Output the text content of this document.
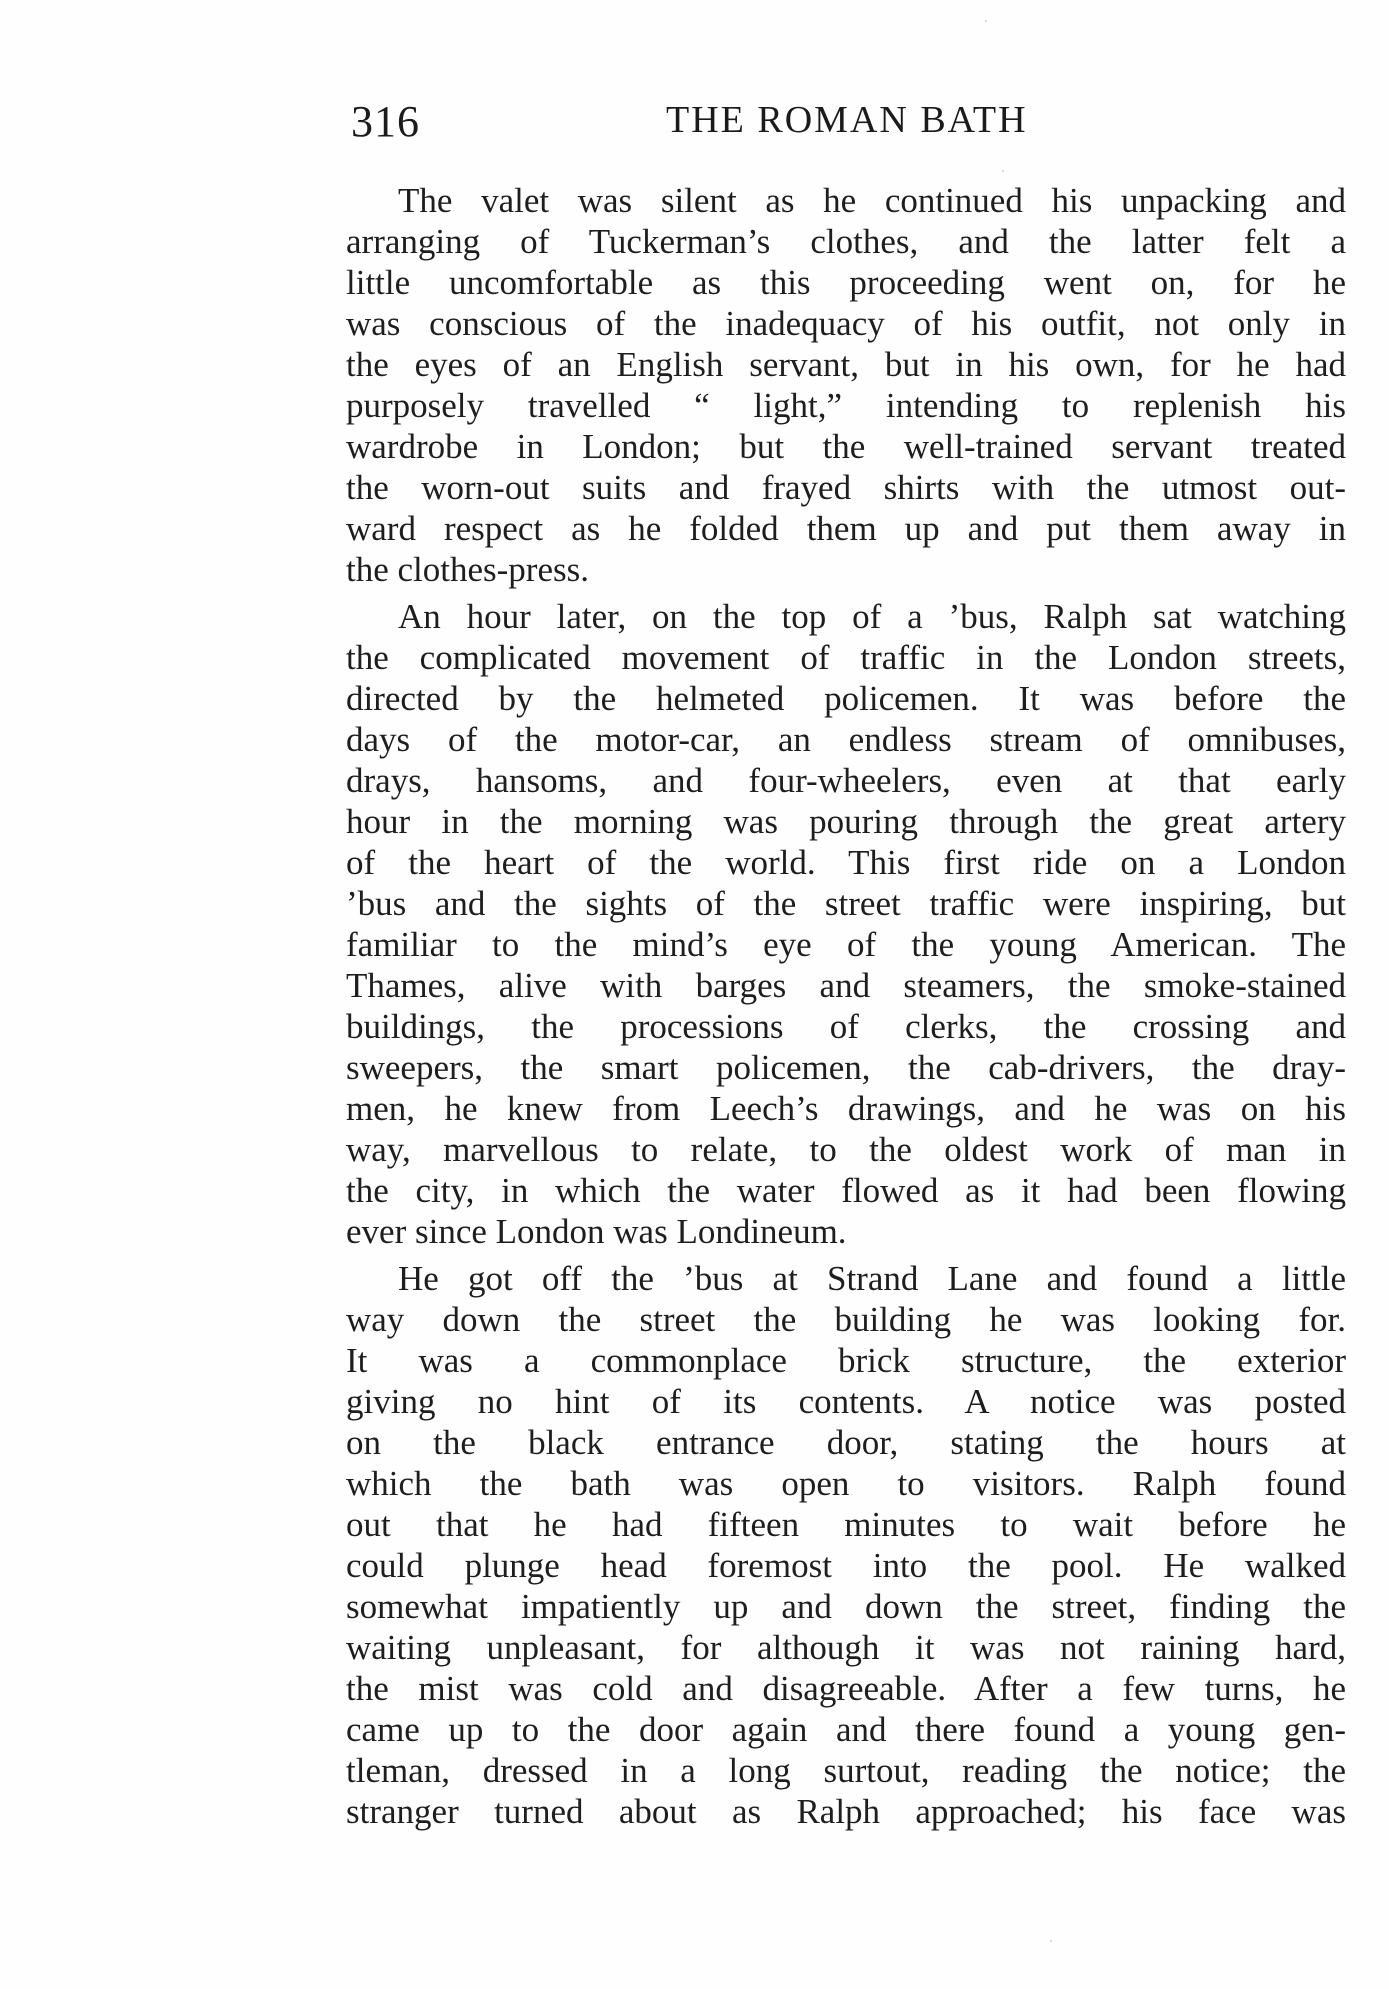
316	THE ROMAN BATH
The valet was silent as he continued his unpacking and
arranging of Tuckerman’s clothes, and the latter felt a
little uncomfortable as this proceeding went on, for he
was conscious of the inadequacy of his outfit, not only in
the eyes of an English servant, but in his own, for he had
purposely travelled “ light,” intending to replenish his
wardrobe in London; but the well-trained servant treated
the worn-out suits and frayed shirts with the utmost out-
ward respect as he folded them up and put them away in
the clothes-press.
An hour later, on the top of a ’bus, Ralph sat watching
the complicated movement of traffic in the London streets,
directed by the helmeted policemen. It was before the
days of the motor-car, an endless stream of omnibuses,
drays, hansoms, and four-wheelers, even at that early
hour in the morning was pouring through the great artery
of the heart of the world. This first ride on a London
’bus and the sights of the street traffic were inspiring, but
familiar to the mind’s eye of the young American. The
Thames, alive with barges and steamers, the smoke-stained
buildings, the processions of clerks, the crossing and
sweepers, the smart policemen, the cab-drivers, the dray-
men, he knew from Leech’s drawings, and he was on his
way, marvellous to relate, to the oldest work of man in
the city, in which the water flowed as it had been flowing
ever since London was Londineum.
He got off the ’bus at Strand Lane and found a little
way down the street the building he was looking for.
It was a commonplace brick structure, the exterior
giving no hint of its contents. A notice was posted
on the black entrance door, stating the hours at
which the bath was open to visitors. Ralph found
out that he had fifteen minutes to wait before he
could plunge head foremost into the pool. He walked
somewhat impatiently up and down the street, finding the
waiting unpleasant, for although it was not raining hard,
the mist was cold and disagreeable. After a few turns, he
came up to the door again and there found a young gen-
tleman, dressed in a long surtout, reading the notice; the
stranger turned about as Ralph approached; his face was
